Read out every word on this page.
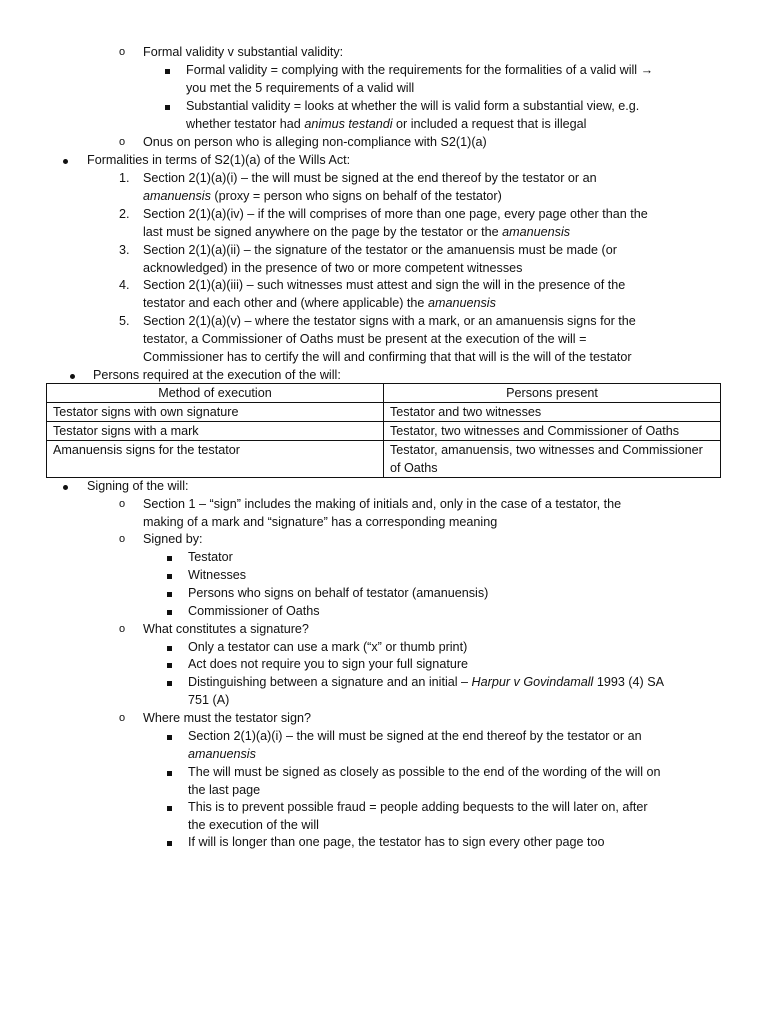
o Formal validity v substantial validity:
Formal validity = complying with the requirements for the formalities of a valid will →
you met the 5 requirements of a valid will
Substantial validity = looks at whether the will is valid form a substantial view, e.g.
whether testator had animus testandi or included a request that is illegal
o Onus on person who is alleging non-compliance with S2(1)(a)
Formalities in terms of S2(1)(a) of the Wills Act:
1. Section 2(1)(a)(i) – the will must be signed at the end thereof by the testator or an
amanuensis (proxy = person who signs on behalf of the testator)
2. Section 2(1)(a)(iv) – if the will comprises of more than one page, every page other than the
last must be signed anywhere on the page by the testator or the amanuensis
3. Section 2(1)(a)(ii) – the signature of the testator or the amanuensis must be made (or
acknowledged) in the presence of two or more competent witnesses
4. Section 2(1)(a)(iii) – such witnesses must attest and sign the will in the presence of the
testator and each other and (where applicable) the amanuensis
5. Section 2(1)(a)(v) – where the testator signs with a mark, or an amanuensis signs for the
testator, a Commissioner of Oaths must be present at the execution of the will =
Commissioner has to certify the will and confirming that that will is the will of the testator
Persons required at the execution of the will:
Method of execution	Persons present
Testator signs with own signature	Testator and two witnesses
Testator signs with a mark	Testator, two witnesses and Commissioner of Oaths
Amanuensis signs for the testator	Testator, amanuensis, two witnesses and Commissioner of Oaths
Signing of the will:
o Section 1 – “sign” includes the making of initials and, only in the case of a testator, the
making of a mark and “signature” has a corresponding meaning
o Signed by:
Testator
Witnesses
Persons who signs on behalf of testator (amanuensis)
Commissioner of Oaths
o What constitutes a signature?
Only a testator can use a mark (“x” or thumb print)
Act does not require you to sign your full signature
Distinguishing between a signature and an initial – Harpur v Govindamall 1993 (4) SA
751 (A)
o Where must the testator sign?
Section 2(1)(a)(i) – the will must be signed at the end thereof by the testator or an
amanuensis
The will must be signed as closely as possible to the end of the wording of the will on
the last page
This is to prevent possible fraud = people adding bequests to the will later on, after
the execution of the will
If will is longer than one page, the testator has to sign every other page too
